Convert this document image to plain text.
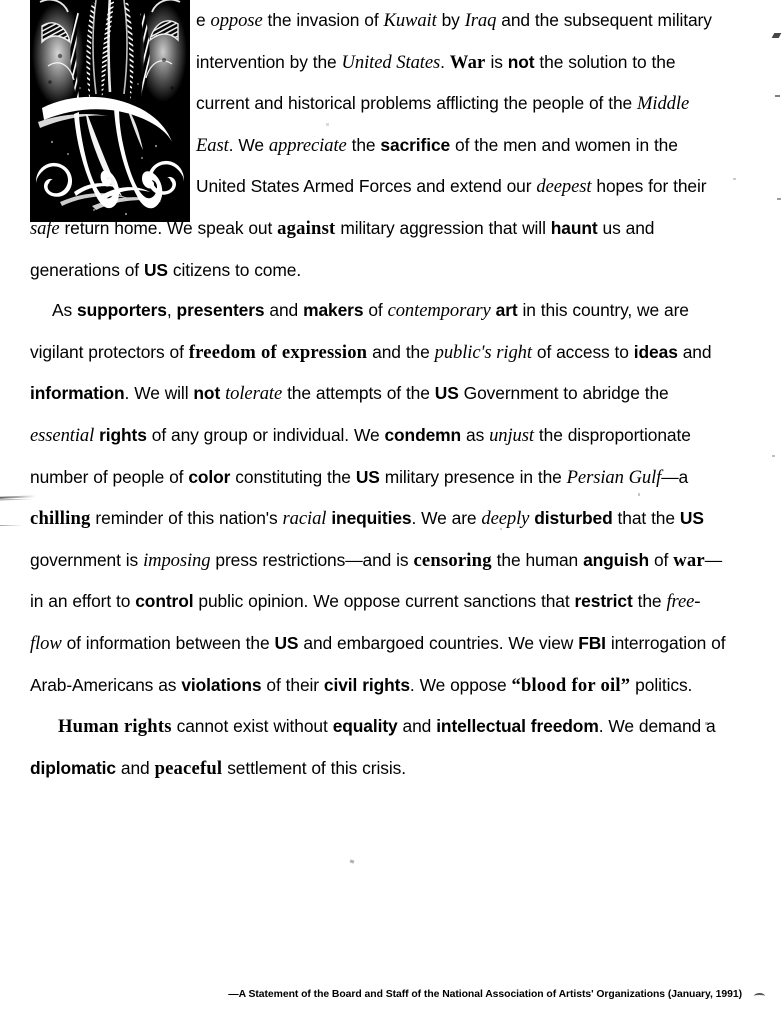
e oppose the invasion of Kuwait by Iraq and the subsequent military intervention by the United States. War is not the solution to the current and historical problems afflicting the people of the Middle East. We appreciate the sacrifice of the men and women in the United States Armed Forces and extend our deepest hopes for their safe return home. We speak out against military aggression that will haunt us and generations of US citizens to come.

As supporters, presenters and makers of contemporary art in this country, we are vigilant protectors of freedom of expression and the public's right of access to ideas and information. We will not tolerate the attempts of the US Government to abridge the essential rights of any group or individual. We condemn as unjust the disproportionate number of people of color constituting the US military presence in the Persian Gulf—a chilling reminder of this nation's racial inequities. We are deeply disturbed that the US government is imposing press restrictions—and is censoring the human anguish of war—in an effort to control public opinion. We oppose current sanctions that restrict the free-flow of information between the US and embargoed countries. We view FBI interrogation of Arab-Americans as violations of their civil rights. We oppose “blood for oil” politics.

Human rights cannot exist without equality and intellectual freedom. We demand a diplomatic and peaceful settlement of this crisis.

—A Statement of the Board and Staff of the National Association of Artists' Organizations (January, 1991)
